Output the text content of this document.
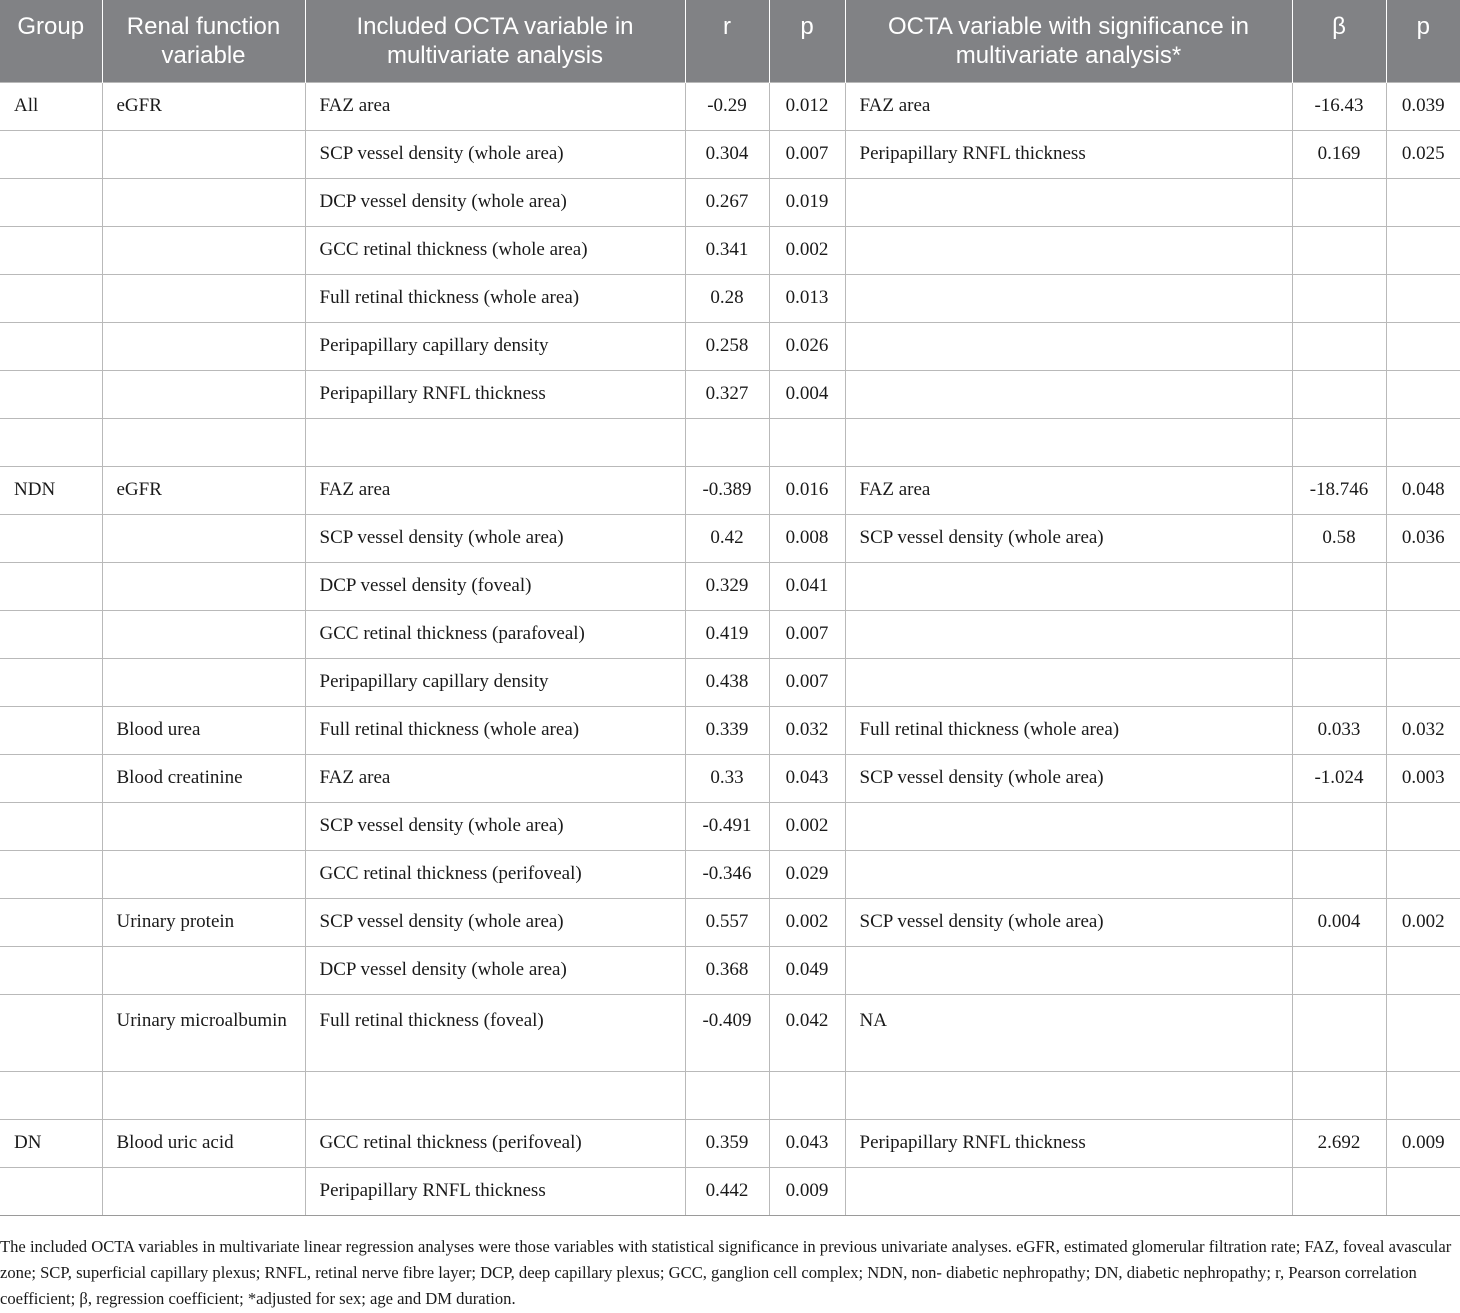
Group	Renal function variable	Included OCTA variable in multivariate analysis	r	p	OCTA variable with significance in multivariate analysis*	β	p
All	eGFR	FAZ area	-0.29	0.012	FAZ area	-16.43	0.039
		SCP vessel density (whole area)	0.304	0.007	Peripapillary RNFL thickness	0.169	0.025
		DCP vessel density (whole area)	0.267	0.019			
		GCC retinal thickness (whole area)	0.341	0.002			
		Full retinal thickness (whole area)	0.28	0.013			
		Peripapillary capillary density	0.258	0.026			
		Peripapillary RNFL thickness	0.327	0.004			

NDN	eGFR	FAZ area	-0.389	0.016	FAZ area	-18.746	0.048
		SCP vessel density (whole area)	0.42	0.008	SCP vessel density (whole area)	0.58	0.036
		DCP vessel density (foveal)	0.329	0.041			
		GCC retinal thickness (parafoveal)	0.419	0.007			
		Peripapillary capillary density	0.438	0.007			
	Blood urea	Full retinal thickness (whole area)	0.339	0.032	Full retinal thickness (whole area)	0.033	0.032
	Blood creatinine	FAZ area	0.33	0.043	SCP vessel density (whole area)	-1.024	0.003
		SCP vessel density (whole area)	-0.491	0.002			
		GCC retinal thickness (perifoveal)	-0.346	0.029			
	Urinary protein	SCP vessel density (whole area)	0.557	0.002	SCP vessel density (whole area)	0.004	0.002
		DCP vessel density (whole area)	0.368	0.049			
	Urinary microalbumin	Full retinal thickness (foveal)	-0.409	0.042	NA		

DN	Blood uric acid	GCC retinal thickness (perifoveal)	0.359	0.043	Peripapillary RNFL thickness	2.692	0.009
		Peripapillary RNFL thickness	0.442	0.009			

The included OCTA variables in multivariate linear regression analyses were those variables with statistical significance in previous univariate analyses. eGFR, estimated glomerular filtration rate; FAZ, foveal avascular zone; SCP, superficial capillary plexus; RNFL, retinal nerve fibre layer; DCP, deep capillary plexus; GCC, ganglion cell complex; NDN, non- diabetic nephropathy; DN, diabetic nephropathy; r, Pearson correlation coefficient; β, regression coefficient; *adjusted for sex; age and DM duration.
